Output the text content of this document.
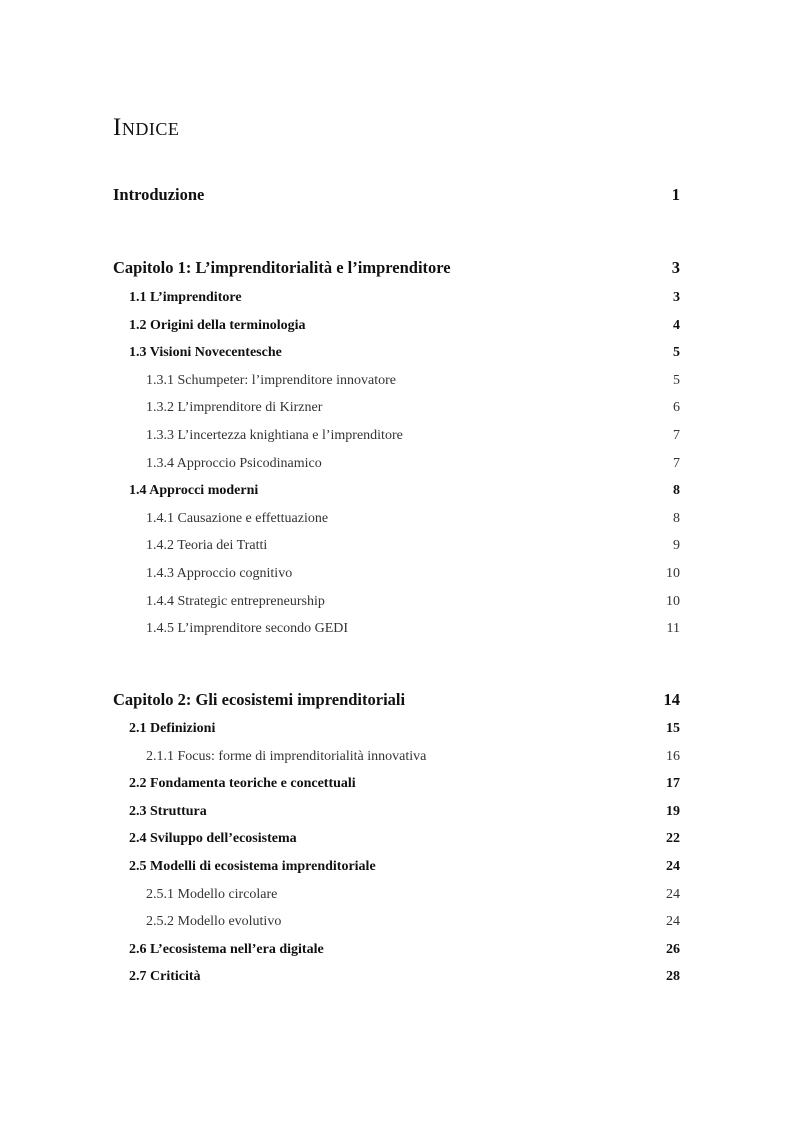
Indice
Introduzione	1
Capitolo 1: L’imprenditorialità e l’imprenditore	3
1.1 L’imprenditore	3
1.2 Origini della terminologia	4
1.3 Visioni Novecentesche	5
1.3.1 Schumpeter: l’imprenditore innovatore	5
1.3.2 L’imprenditore di Kirzner	6
1.3.3 L’incertezza knightiana e l’imprenditore	7
1.3.4 Approccio Psicodinamico	7
1.4 Approcci moderni	8
1.4.1 Causazione e effettuazione	8
1.4.2 Teoria dei Tratti	9
1.4.3 Approccio cognitivo	10
1.4.4 Strategic entrepreneurship	10
1.4.5 L’imprenditore secondo GEDI	11
Capitolo 2: Gli ecosistemi imprenditoriali	14
2.1 Definizioni	15
2.1.1 Focus: forme di imprenditorialità innovativa	16
2.2 Fondamenta teoriche e concettuali	17
2.3 Struttura	19
2.4 Sviluppo dell’ecosistema	22
2.5 Modelli di ecosistema imprenditoriale	24
2.5.1 Modello circolare	24
2.5.2 Modello evolutivo	24
2.6 L’ecosistema nell’era digitale	26
2.7 Criticità	28
